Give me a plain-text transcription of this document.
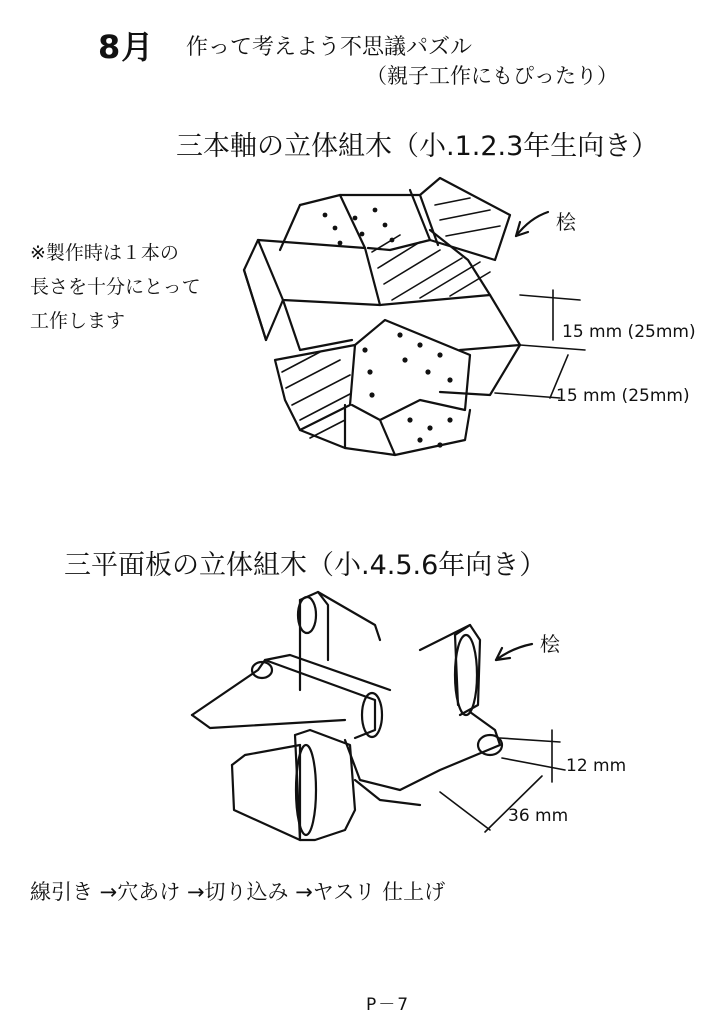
8月 作って考えよう不思議パズル
（親子工作にもぴったり）
三本軸の立体組木（小.1.2.3年生向き）
※製作時は１本の
長さを十分にとって
工作します
桧
15 mm (25mm)
15 mm (25mm)
三平面板の立体組木（小.4.5.6年向き）
桧
12 mm
36 mm
線引き →穴あけ →切り込み →ヤスリ 仕上げ
P－7
